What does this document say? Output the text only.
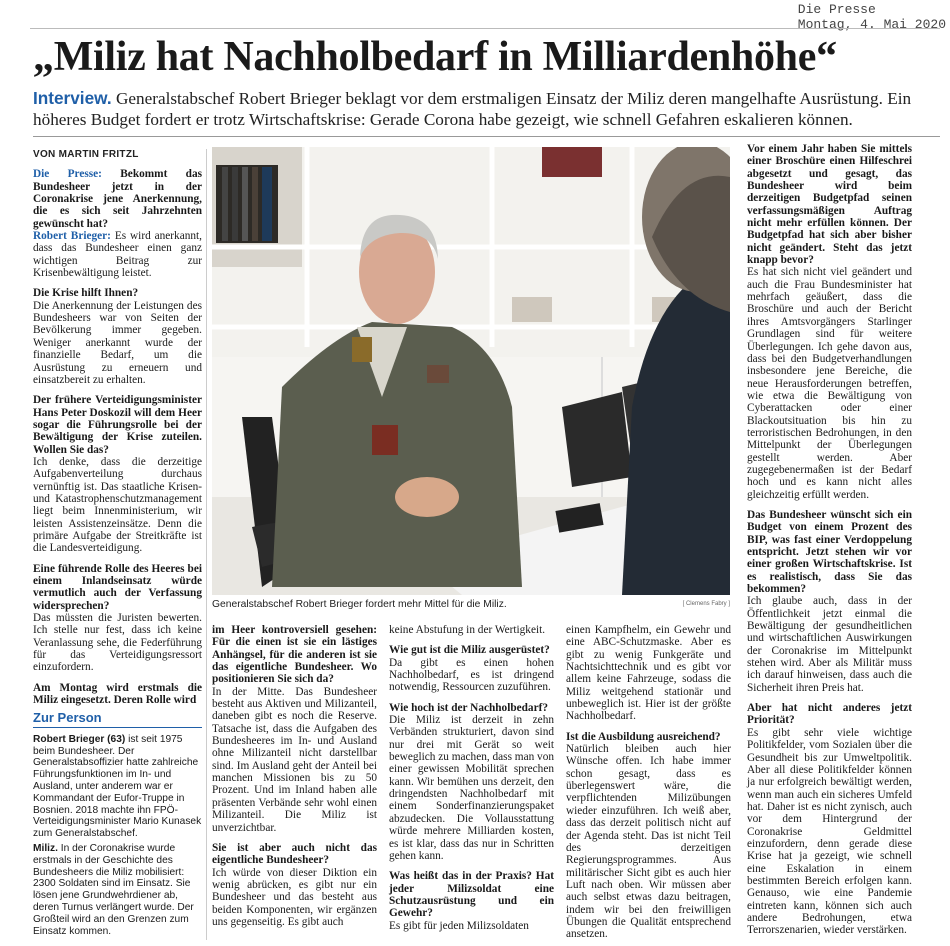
Die Presse
Montag, 4. Mai 2020
„Miliz hat Nachholbedarf in Milliardenhöhe“
Interview. Generalstabschef Robert Brieger beklagt vor dem erstmaligen Einsatz der Miliz deren mangelhafte Ausrüstung. Ein höheres Budget fordert er trotz Wirtschaftskrise: Gerade Corona habe gezeigt, wie schnell Gefahren eskalieren können.
VON MARTIN FRITZL

Die Presse: Bekommt das Bundesheer jetzt in der Coronakrise jene Anerkennung, die es sich seit Jahrzehnten gewünscht hat?

Robert Brieger: Es wird anerkannt, dass das Bundesheer einen ganz wichtigen Beitrag zur Krisenbewältigung leistet.

Die Krise hilft Ihnen?

Die Anerkennung der Leistungen des Bundesheers war von Seiten der Bevölkerung immer gegeben. Weniger anerkannt wurde der finanzielle Bedarf, um die Ausrüstung zu erneuern und einsatzbereit zu erhalten.

Der frühere Verteidigungsminister Hans Peter Doskozil will dem Heer sogar die Führungsrolle bei der Bewältigung der Krise zuteilen. Wollen Sie das?

Ich denke, dass die derzeitige Aufgabenverteilung durchaus vernünftig ist. Das staatliche Krisen- und Katastrophenschutzmanagement liegt beim Innenministerium, wir leisten Assistenzeinsätze. Denn die primäre Aufgabe der Streitkräfte ist die Landesverteidigung.

Eine führende Rolle des Heeres bei einem Inlandseinsatz würde vermutlich auch der Verfassung widersprechen?

Das müssten die Juristen bewerten. Ich stelle nur fest, dass ich keine Veranlassung sehe, die Federführung für das Verteidigungsressort einzufordern.

Am Montag wird erstmals die Miliz eingesetzt. Deren Rolle wird

Zur Person

Robert Brieger (63) ist seit 1975 beim Bundesheer. Der Generalstabsoffizier hatte zahlreiche Führungsfunktionen im In- und Ausland, unter anderem war er Kommandant der Eufor-Truppe in Bosnien. 2018 machte ihn FPÖ-Verteidigungsminister Mario Kunasek zum Generalstabschef.

Miliz. In der Coronakrise wurde erstmals in der Geschichte des Bundesheers die Miliz mobilisiert: 2300 Soldaten sind im Einsatz. Sie lösen jene Grundwehrdiener ab, deren Turnus verlängert wurde. Der Großteil wird an den Grenzen zum Einsatz kommen.

Generalstabschef Robert Brieger fordert mehr Mittel für die Miliz.	[ Clemens Fabry ]

im Heer kontroversiell gesehen: Für die einen ist sie ein lästiges Anhängsel, für die anderen ist sie das eigentliche Bundesheer. Wo positionieren Sie sich da?

In der Mitte. Das Bundesheer besteht aus Aktiven und Milizanteil, daneben gibt es noch die Reserve. Tatsache ist, dass die Aufgaben des Bundesheeres im In- und Ausland ohne Milizanteil nicht darstellbar sind. Im Ausland geht der Anteil bei manchen Missionen bis zu 50 Prozent. Und im Inland haben alle präsenten Verbände sehr wohl einen Milizanteil. Die Miliz ist unverzichtbar.

Sie ist aber auch nicht das eigentliche Bundesheer?

Ich würde von dieser Diktion ein wenig abrücken, es gibt nur ein Bundesheer und das besteht aus beiden Komponenten, wir ergänzen uns gegenseitig. Es gibt auch

keine Abstufung in der Wertigkeit.

Wie gut ist die Miliz ausgerüstet?

Da gibt es einen hohen Nachholbedarf, es ist dringend notwendig, Ressourcen zuzuführen.

Wie hoch ist der Nachholbedarf?

Die Miliz ist derzeit in zehn Verbänden strukturiert, davon sind nur drei mit Gerät so weit beweglich zu machen, dass man von einer gewissen Mobilität sprechen kann. Wir bemühen uns derzeit, den dringendsten Nachholbedarf mit einem Sonderfinanzierungspaket abzudecken. Die Vollausstattung würde mehrere Milliarden kosten, es ist klar, dass das nur in Schritten gehen kann.

Was heißt das in der Praxis? Hat jeder Milizsoldat eine Schutzausrüstung und ein Gewehr?

Es gibt für jeden Milizsoldaten

einen Kampfhelm, ein Gewehr und eine ABC-Schutzmaske. Aber es gibt zu wenig Funkgeräte und Nachtsichttechnik und es gibt vor allem keine Fahrzeuge, sodass die Miliz weitgehend stationär und unbeweglich ist. Hier ist der größte Nachholbedarf.

Ist die Ausbildung ausreichend?

Natürlich bleiben auch hier Wünsche offen. Ich habe immer schon gesagt, dass es überlegenswert wäre, die verpflichtenden Milizübungen wieder einzuführen. Ich weiß aber, dass das derzeit politisch nicht auf der Agenda steht. Das ist nicht Teil des derzeitigen Regierungsprogrammes. Aus militärischer Sicht gibt es auch hier Luft nach oben. Wir müssen aber auch selbst etwas dazu beitragen, indem wir bei den freiwilligen Übungen die Qualität entsprechend ansetzen.

Vor einem Jahr haben Sie mittels einer Broschüre einen Hilfeschrei abgesetzt und gesagt, das Bundesheer wird beim derzeitigen Budgetpfad seinen verfassungsmäßigen Auftrag nicht mehr erfüllen können. Der Budgetpfad hat sich aber bisher nicht geändert. Steht das jetzt knapp bevor?

Es hat sich nicht viel geändert und auch die Frau Bundesminister hat mehrfach geäußert, dass die Broschüre und auch der Bericht ihres Amtsvorgängers Starlinger Grundlagen sind für weitere Überlegungen. Ich gehe davon aus, dass bei den Budgetverhandlungen insbesondere jene Bereiche, die neue Herausforderungen betreffen, wie etwa die Bewältigung von Cyberattacken oder einer Blackoutsituation bis hin zu terroristischen Bedrohungen, in den Mittelpunkt der Überlegungen gestellt werden. Aber zugegebenermaßen ist der Bedarf hoch und es kann nicht alles gleichzeitig erfüllt werden.

Das Bundesheer wünscht sich ein Budget von einem Prozent des BIP, was fast einer Verdoppelung entspricht. Jetzt stehen wir vor einer großen Wirtschaftskrise. Ist es realistisch, dass Sie das bekommen?

Ich glaube auch, dass in der Öffentlichkeit jetzt einmal die Bewältigung der gesundheitlichen und wirtschaftlichen Auswirkungen der Coronakrise im Mittelpunkt stehen wird. Aber als Militär muss ich darauf hinweisen, dass auch die Sicherheit ihren Preis hat.

Aber hat nicht anderes jetzt Priorität?

Es gibt sehr viele wichtige Politikfelder, vom Sozialen über die Gesundheit bis zur Umweltpolitik. Aber all diese Politikfelder können ja nur erfolgreich bewältigt werden, wenn man auch ein sicheres Umfeld hat. Daher ist es nicht zynisch, auch vor dem Hintergrund der Coronakrise Geldmittel einzufordern, denn gerade diese Krise hat ja gezeigt, wie schnell eine Eskalation in einem bestimmten Bereich erfolgen kann. Genauso, wie eine Pandemie eintreten kann, können sich auch andere Bedrohungen, etwa Terrorszenarien, wieder verstärken.
